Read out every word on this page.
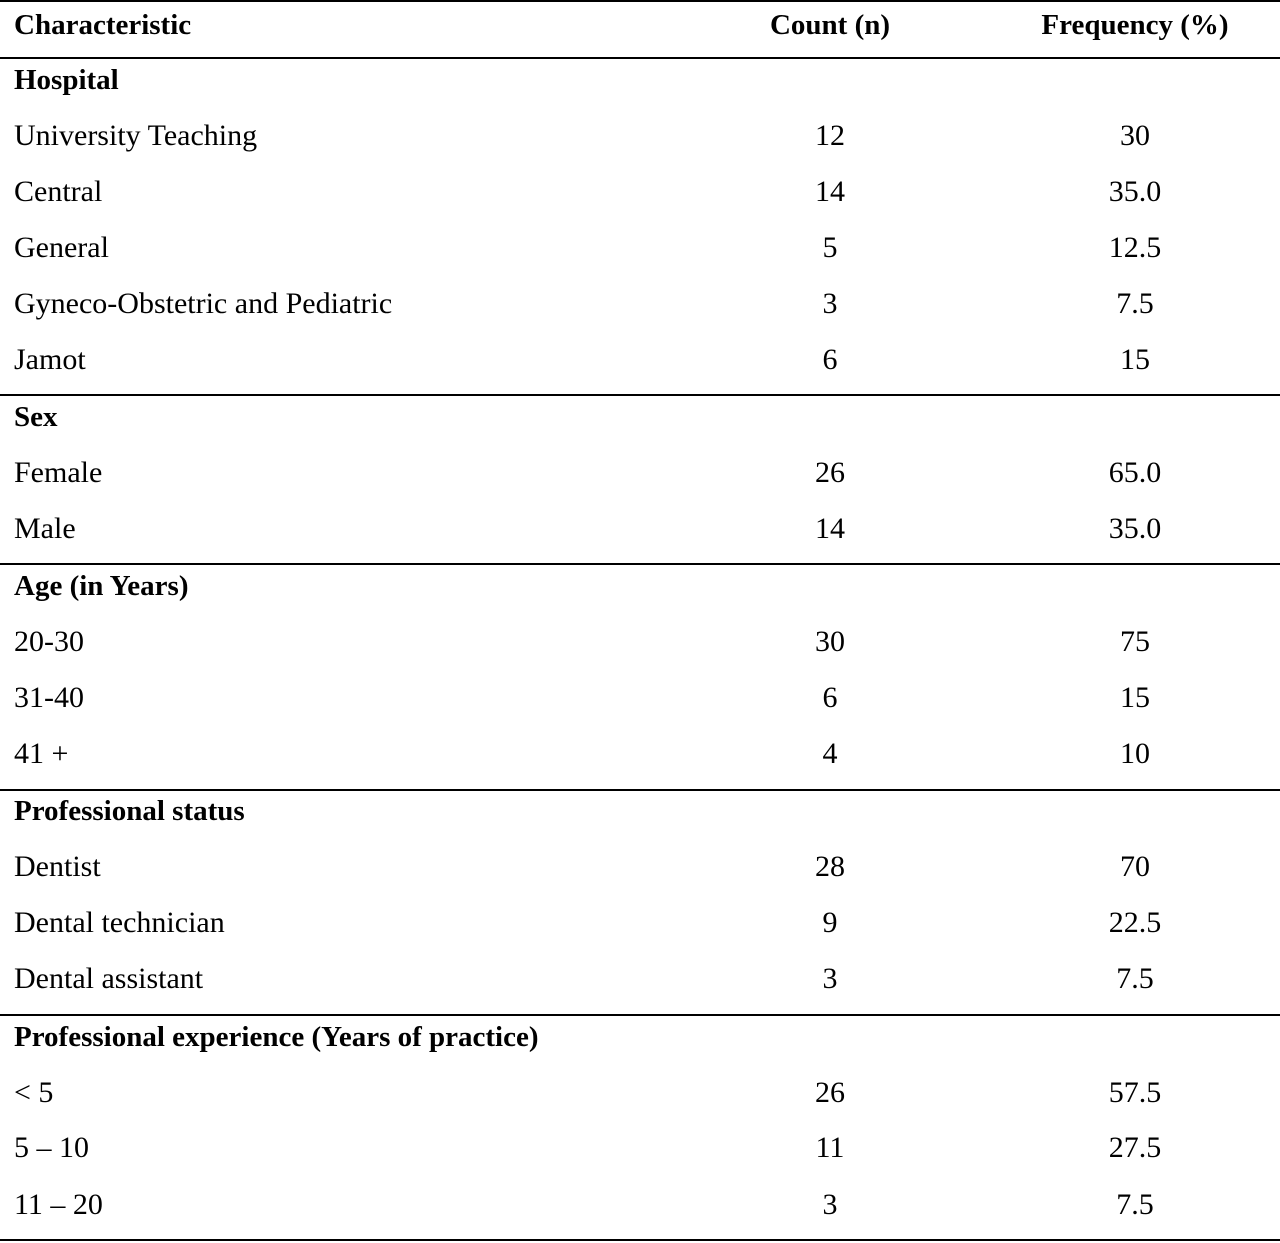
Characteristic	Count (n)	Frequency (%)
Hospital
University Teaching	12	30
Central	14	35.0
General	5	12.5
Gyneco-Obstetric and Pediatric	3	7.5
Jamot	6	15
Sex
Female	26	65.0
Male	14	35.0
Age (in Years)
20-30	30	75
31-40	6	15
41 +	4	10
Professional status
Dentist	28	70
Dental technician	9	22.5
Dental assistant	3	7.5
Professional experience (Years of practice)
< 5	26	57.5
5 – 10	11	27.5
11 – 20	3	7.5
